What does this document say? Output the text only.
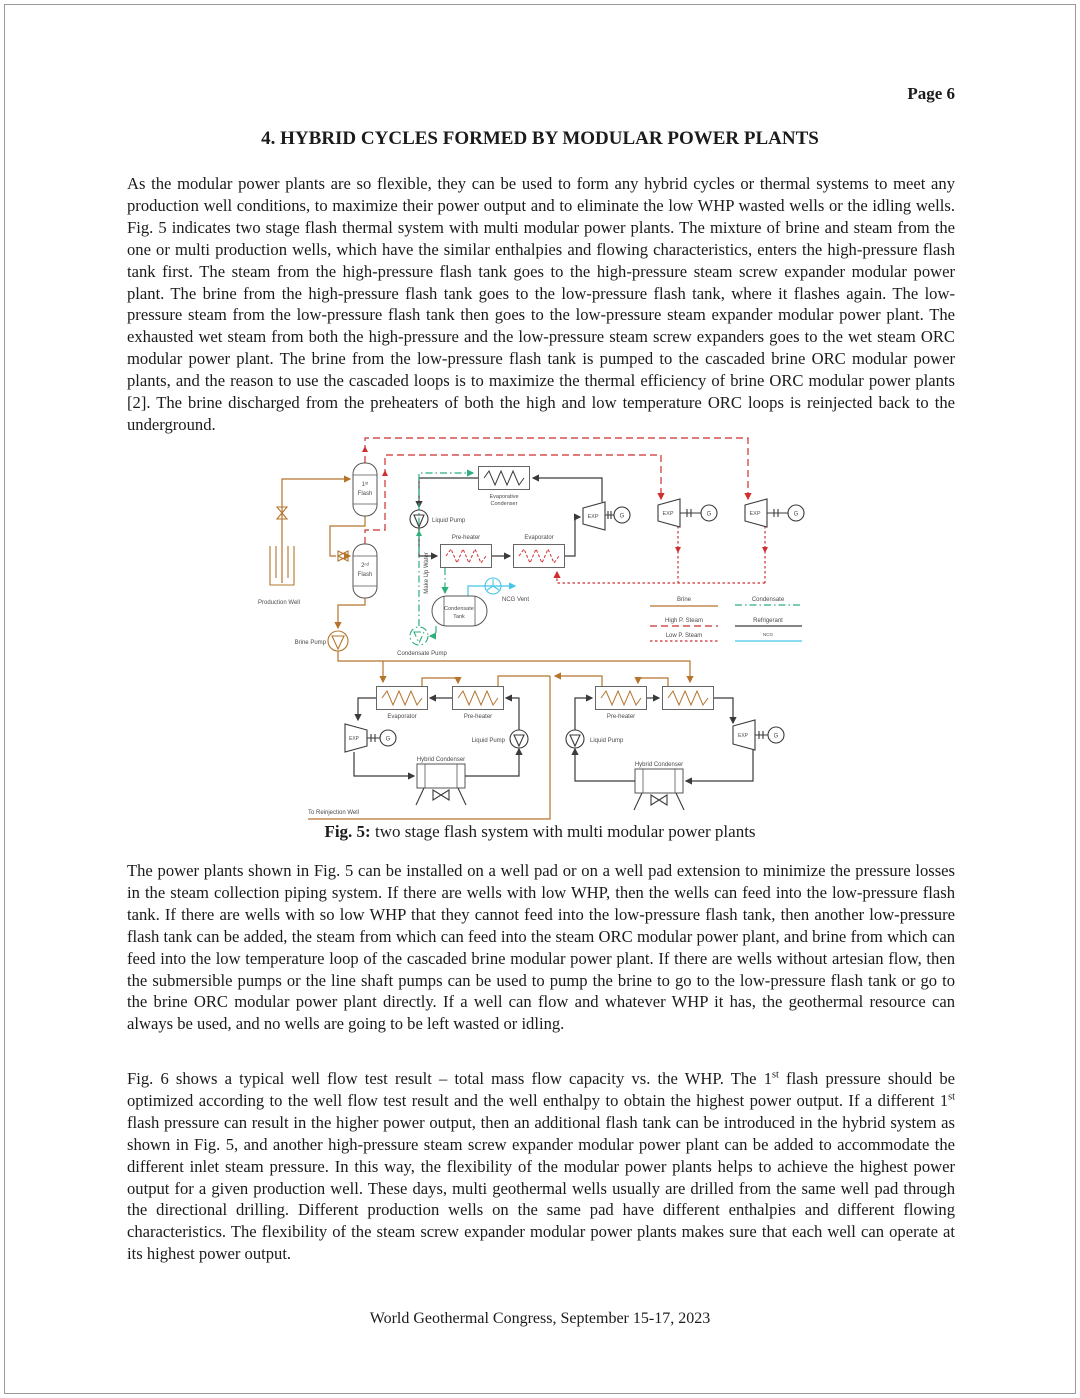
Page 6
4. HYBRID CYCLES FORMED BY MODULAR POWER PLANTS

As the modular power plants are so flexible, they can be used to form any hybrid cycles or thermal systems to meet any production well conditions, to maximize their power output and to eliminate the low WHP wasted wells or the idling wells. Fig. 5 indicates two stage flash thermal system with multi modular power plants. The mixture of brine and steam from the one or multi production wells, which have the similar enthalpies and flowing characteristics, enters the high-pressure flash tank first. The steam from the high-pressure flash tank goes to the high-pressure steam screw expander modular power plant. The brine from the high-pressure flash tank goes to the low-pressure flash tank, where it flashes again. The low-pressure steam from the low-pressure flash tank then goes to the low-pressure steam expander modular power plant. The exhausted wet steam from both the high-pressure and the low-pressure steam screw expanders goes to the wet steam ORC modular power plant. The brine from the low-pressure flash tank is pumped to the cascaded brine ORC modular power plants, and the reason to use the cascaded loops is to maximize the thermal efficiency of brine ORC modular power plants [2]. The brine discharged from the preheaters of both the high and low temperature ORC loops is reinjected back to the underground.

Production Well
1ˢᵗ
Flash
2ⁿᵈ
Flash
Brine Pump
Evaporative
Condenser
Liquid Pump
Pre-heater	Evaporator
Make Up Water
Condensate
Tank
Condensate Pump
NCG Vent
EXP	G	EXP	G	EXP	G
Brine
High P. Steam
Low P. Steam
Condensate
Refrigerant
NCG
Evaporator	Pre-heater
EXP	G
Hybrid Condenser
Liquid Pump
Pre-heater
Liquid Pump
EXP	G
Hybrid Condenser
To Reinjection Well
Fig. 5: two stage flash system with multi modular power plants

The power plants shown in Fig. 5 can be installed on a well pad or on a well pad extension to minimize the pressure losses in the steam collection piping system. If there are wells with low WHP, then the wells can feed into the low-pressure flash tank. If there are wells with so low WHP that they cannot feed into the low-pressure flash tank, then another low-pressure flash tank can be added, the steam from which can feed into the steam ORC modular power plant, and brine from which can feed into the low temperature loop of the cascaded brine modular power plant. If there are wells without artesian flow, then the submersible pumps or the line shaft pumps can be used to pump the brine to go to the low-pressure flash tank or go to the brine ORC modular power plant directly. If a well can flow and whatever WHP it has, the geothermal resource can always be used, and no wells are going to be left wasted or idling.

Fig. 6 shows a typical well flow test result – total mass flow capacity vs. the WHP. The 1st flash pressure should be optimized according to the well flow test result and the well enthalpy to obtain the highest power output. If a different 1st flash pressure can result in the higher power output, then an additional flash tank can be introduced in the hybrid system as shown in Fig. 5, and another high-pressure steam screw expander modular power plant can be added to accommodate the different inlet steam pressure. In this way, the flexibility of the modular power plants helps to achieve the highest power output for a given production well. These days, multi geothermal wells usually are drilled from the same well pad through the directional drilling. Different production wells on the same pad have different enthalpies and different flowing characteristics. The flexibility of the steam screw expander modular power plants makes sure that each well can operate at its highest power output.

World Geothermal Congress, September 15-17, 2023
